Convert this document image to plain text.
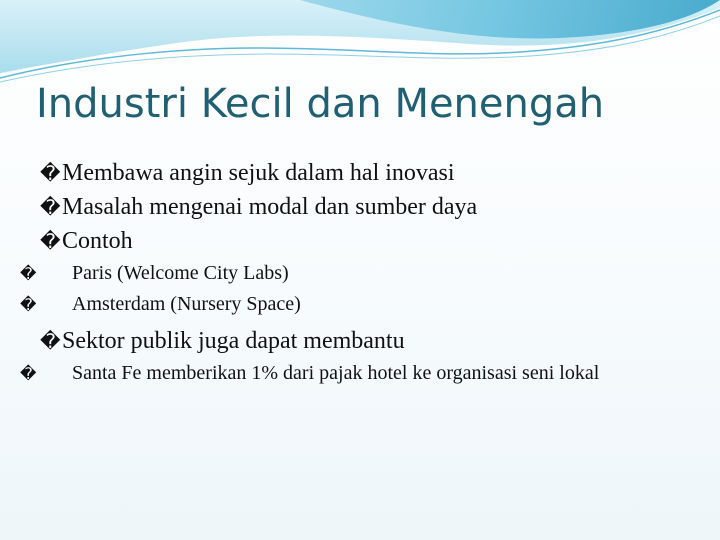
Industri Kecil dan Menengah
�Membawa angin sejuk dalam hal inovasi
�Masalah mengenai modal dan sumber daya
�Contoh
� Paris (Welcome City Labs)
� Amsterdam (Nursery Space)
�Sektor publik juga dapat membantu
� Santa Fe memberikan 1% dari pajak hotel ke organisasi seni lokal
